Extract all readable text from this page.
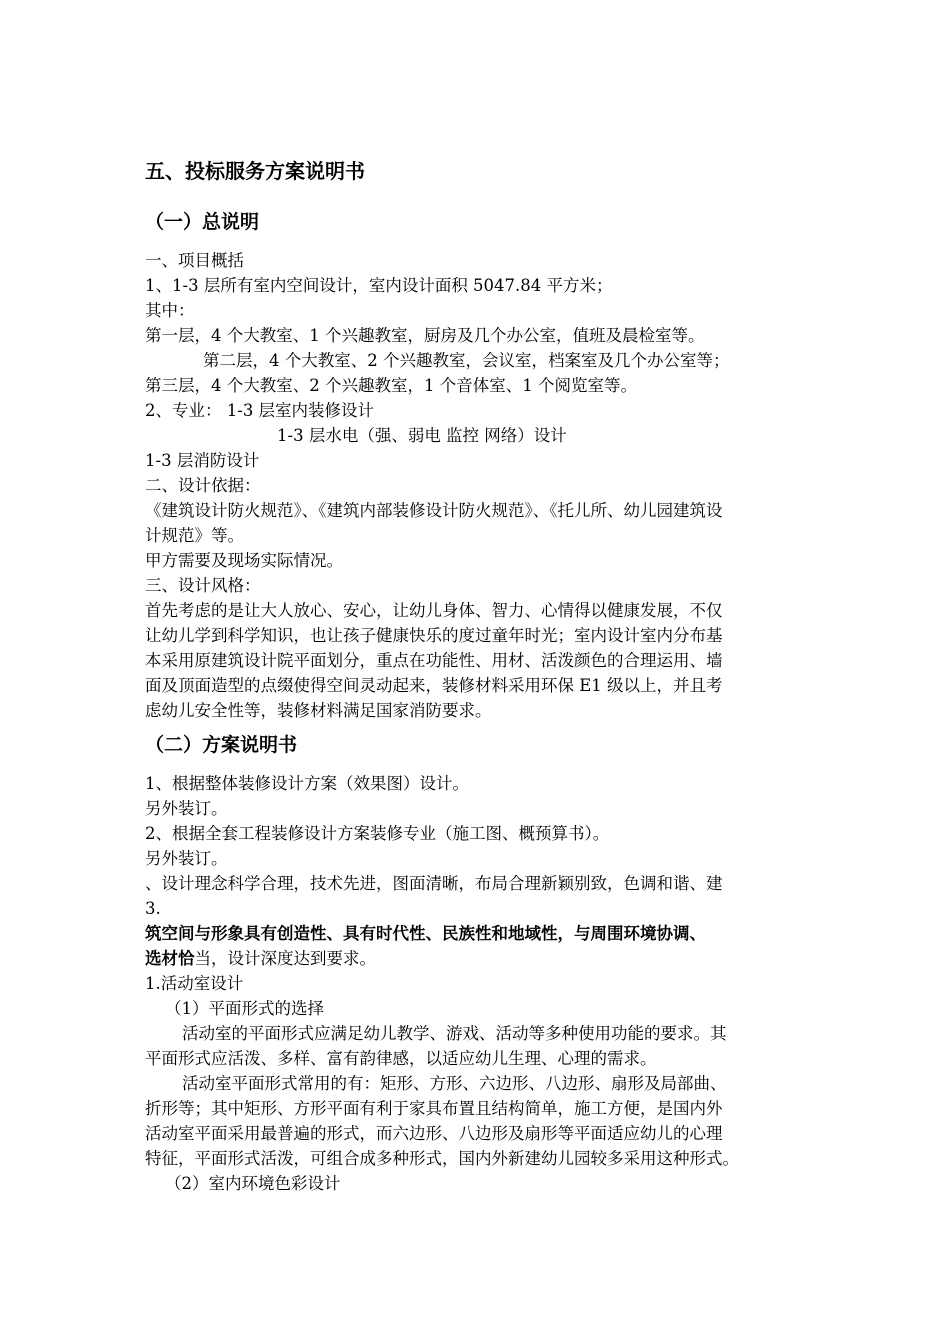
五、投标服务方案说明书
（一）总说明
一、项目概括
1、1-3 层所有室内空间设计，室内设计面积 5047.84 平方米；
其中：
第一层，4 个大教室、1 个兴趣教室，厨房及几个办公室，值班及晨检室等。
第二层，4 个大教室、2 个兴趣教室，会议室，档案室及几个办公室等；
第三层，4 个大教室、2 个兴趣教室，1 个音体室、1 个阅览室等。
2、专业： 1-3 层室内装修设计
1-3 层水电（强、弱电 监控 网络）设计
1-3 层消防设计
二、设计依据：
《建筑设计防火规范》、《建筑内部装修设计防火规范》、《托儿所、幼儿园建筑设
计规范》等。
甲方需要及现场实际情况。
三、设计风格：
首先考虑的是让大人放心、安心，让幼儿身体、智力、心情得以健康发展，不仅
让幼儿学到科学知识，也让孩子健康快乐的度过童年时光；室内设计室内分布基
本采用原建筑设计院平面划分，重点在功能性、用材、活泼颜色的合理运用、墙
面及顶面造型的点缀使得空间灵动起来，装修材料采用环保 E1 级以上，并且考
虑幼儿安全性等，装修材料满足国家消防要求。
（二）方案说明书
1、根据整体装修设计方案（效果图）设计。
另外装订。
2、根据全套工程装修设计方案装修专业（施工图、概预算书）。
另外装订。
、设计理念科学合理，技术先进，图面清晰，布局合理新颖别致，色调和谐、建
3.
筑空间与形象具有创造性、具有时代性、民族性和地域性，与周围环境协调、
选材恰当，设计深度达到要求。
1.活动室设计
（1）平面形式的选择
活动室的平面形式应满足幼儿教学、游戏、活动等多种使用功能的要求。其
平面形式应活泼、多样、富有韵律感，以适应幼儿生理、心理的需求。
活动室平面形式常用的有：矩形、方形、六边形、八边形、扇形及局部曲、
折形等；其中矩形、方形平面有利于家具布置且结构简单，施工方便，是国内外
活动室平面采用最普遍的形式，而六边形、八边形及扇形等平面适应幼儿的心理
特征，平面形式活泼，可组合成多种形式，国内外新建幼儿园较多采用这种形式。
（2）室内环境色彩设计
